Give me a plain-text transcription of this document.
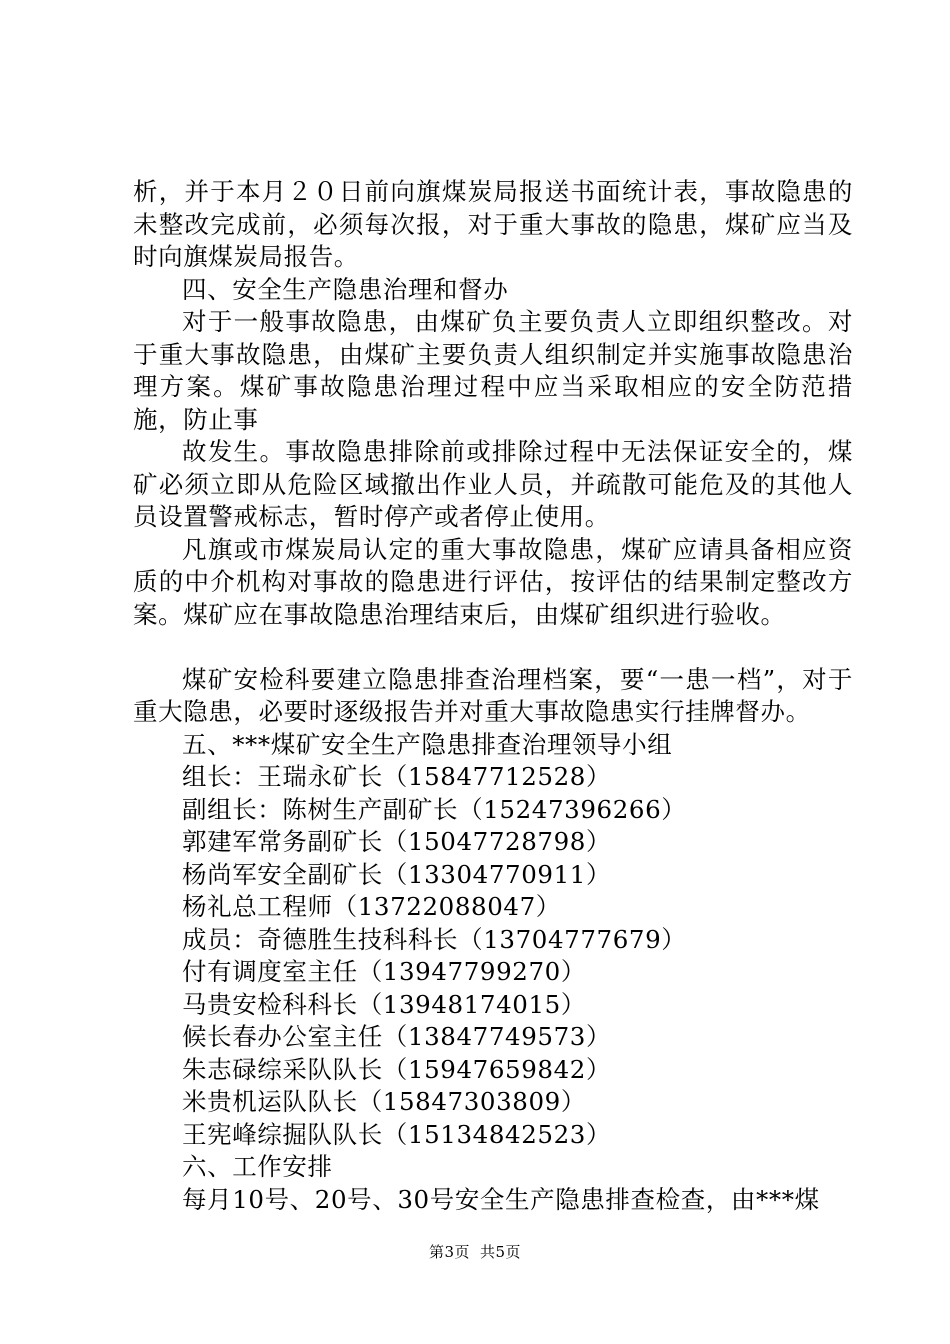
析，并于本月２０日前向旗煤炭局报送书面统计表，事故隐患的未整改完成前，必须每次报，对于重大事故的隐患，煤矿应当及时向旗煤炭局报告。

四、安全生产隐患治理和督办

对于一般事故隐患，由煤矿负主要负责人立即组织整改。对于重大事故隐患，由煤矿主要负责人组织制定并实施事故隐患治理方案。煤矿事故隐患治理过程中应当采取相应的安全防范措施，防止事

故发生。事故隐患排除前或排除过程中无法保证安全的，煤矿必须立即从危险区域撤出作业人员，并疏散可能危及的其他人员设置警戒标志，暂时停产或者停止使用。

凡旗或市煤炭局认定的重大事故隐患，煤矿应请具备相应资质的中介机构对事故的隐患进行评估，按评估的结果制定整改方案。煤矿应在事故隐患治理结束后，由煤矿组织进行验收。

煤矿安检科要建立隐患排查治理档案，要“一患一档”，对于重大隐患，必要时逐级报告并对重大事故隐患实行挂牌督办。

五、***煤矿安全生产隐患排查治理领导小组

组长：王瑞永矿长（15847712528）

副组长：陈树生产副矿长（15247396266）

郭建军常务副矿长（15047728798）

杨尚军安全副矿长（13304770911）

杨礼总工程师（13722088047）

成员：奇德胜生技科科长（13704777679）

付有调度室主任（13947799270）

马贵安检科科长（13948174015）

候长春办公室主任（13847749573）

朱志碌综采队队长（15947659842）

米贵机运队队长（15847303809）

王宪峰综掘队队长（15134842523）

六、工作安排

每月10号、20号、30号安全生产隐患排查检查，由***煤

第3页 共5页
